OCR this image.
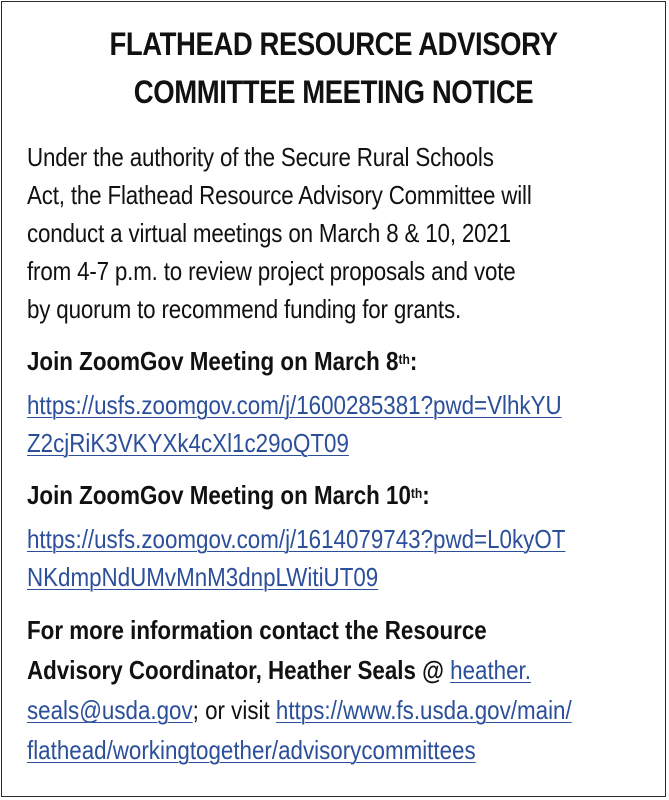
FLATHEAD RESOURCE ADVISORY
COMMITTEE MEETING NOTICE

Under the authority of the Secure Rural Schools
Act, the Flathead Resource Advisory Committee will
conduct a virtual meetings on March 8 & 10, 2021
from 4-7 p.m. to review project proposals and vote
by quorum to recommend funding for grants.

Join ZoomGov Meeting on March 8th:

https://usfs.zoomgov.com/j/1600285381?pwd=VlhkYU
Z2cjRiK3VKYXk4cXl1c29oQT09

Join ZoomGov Meeting on March 10th:

https://usfs.zoomgov.com/j/1614079743?pwd=L0kyOT
NKdmpNdUMvMnM3dnpLWitiUT09

For more information contact the Resource
Advisory Coordinator, Heather Seals @ heather.
seals@usda.gov; or visit https://www.fs.usda.gov/main/
flathead/workingtogether/advisorycommittees
